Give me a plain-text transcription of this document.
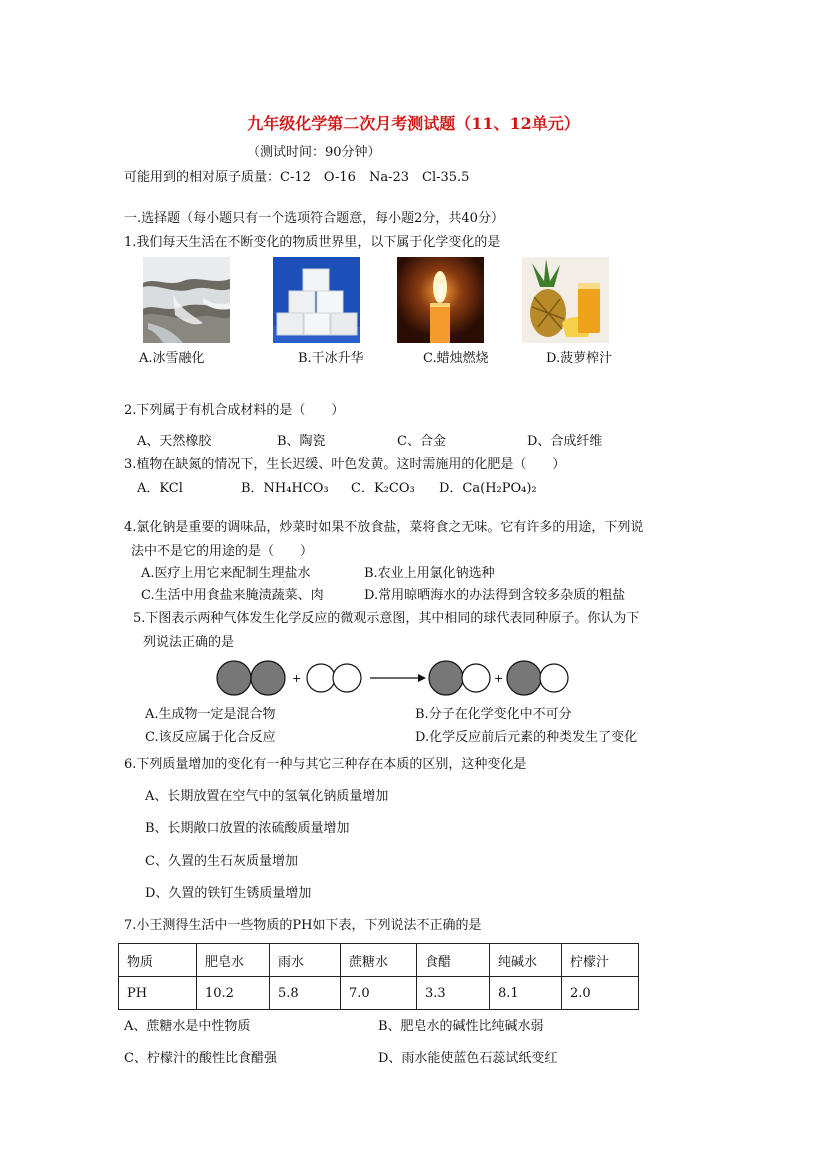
九年级化学第二次月考测试题（11、12单元）
（测试时间：90分钟）
可能用到的相对原子质量：C-12　O-16　Na-23　Cl-35.5
一.选择题（每小题只有一个选项符合题意，每小题2分，共40分）
1.我们每天生活在不断变化的物质世界里，以下属于化学变化的是
A.冰雪融化	B.干冰升华	C.蜡烛燃烧	D.菠萝榨汁
2.下列属于有机合成材料的是（　　）
A、天然橡胶	B、陶瓷	C、合金	D、合成纤维
3.植物在缺氮的情况下，生长迟缓、叶色发黄。这时需施用的化肥是（　　）
A．KCl	B．NH₄HCO₃ C．K₂CO₃ D．Ca(H₂PO₄)₂
4.氯化钠是重要的调味品，炒菜时如果不放食盐，菜将食之无味。它有许多的用途，下列说
法中不是它的用途的是（　　）
A.医疗上用它来配制生理盐水	B.农业上用氯化钠选种
C.生活中用食盐来腌渍蔬菜、肉	D.常用晾晒海水的办法得到含较多杂质的粗盐
5.下图表示两种气体发生化学反应的微观示意图，其中相同的球代表同种原子。你认为下
列说法正确的是
+	+
A.生成物一定是混合物	B.分子在化学变化中不可分
C.该反应属于化合反应	D.化学反应前后元素的种类发生了变化
6.下列质量增加的变化有一种与其它三种存在本质的区别，这种变化是
A、长期放置在空气中的氢氧化钠质量增加
B、长期敞口放置的浓硫酸质量增加
C、久置的生石灰质量增加
D、久置的铁钉生锈质量增加
7.小王测得生活中一些物质的PH如下表，下列说法不正确的是
物质	肥皂水	雨水	蔗糖水	食醋	纯碱水	柠檬汁
PH	10.2	5.8	7.0	3.3	8.1	2.0
A、蔗糖水是中性物质	B、肥皂水的碱性比纯碱水弱
C、柠檬汁的酸性比食醋强	D、雨水能使蓝色石蕊试纸变红
